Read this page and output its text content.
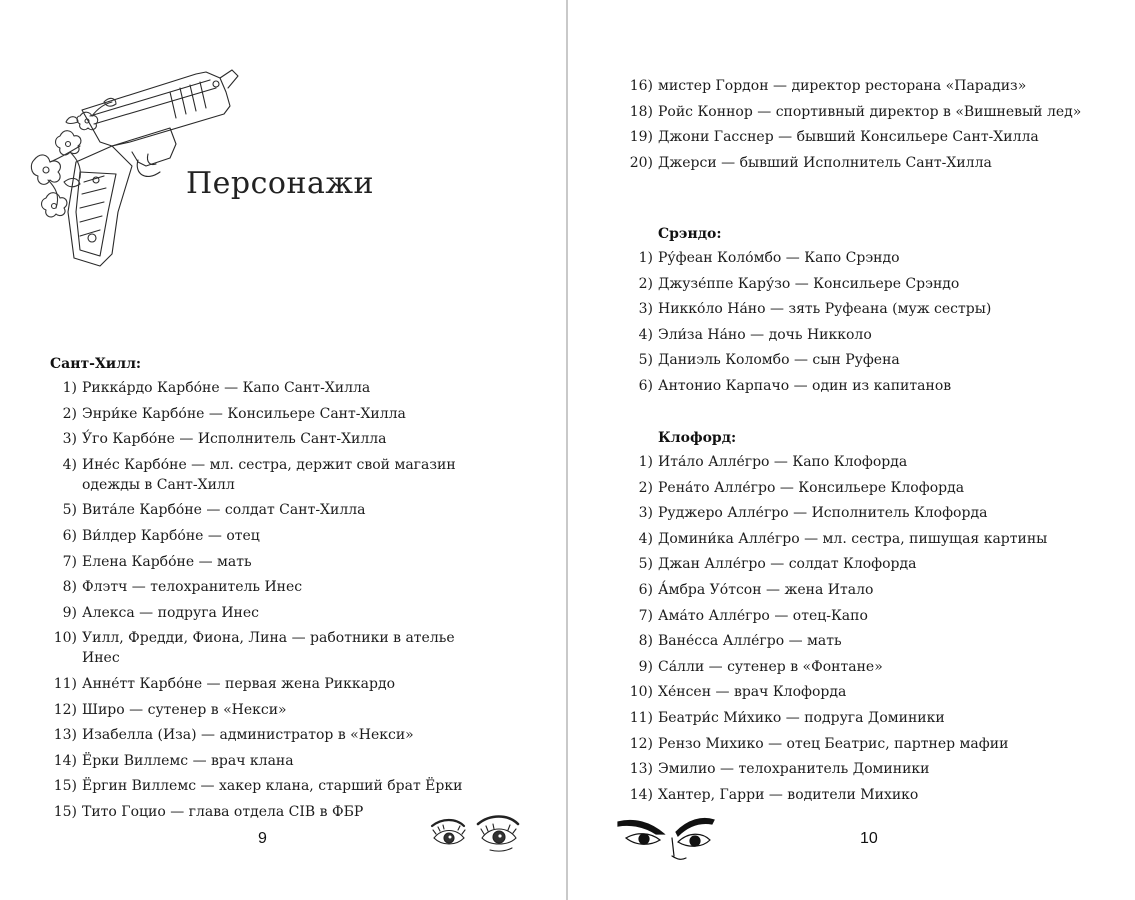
Персонажи
Сант-Хилл:
1) Рикка́рдо Карбо́не — Капо Сант-Хилла
2) Энри́ке Карбо́не — Консильере Сант-Хилла
3) У́го Карбо́не — Исполнитель Сант-Хилла
4) Ине́с Карбо́не — мл. сестра, держит свой магазин одежды в Сант-Хилл
5) Вита́ле Карбо́не — солдат Сант-Хилла
6) Ви́лдер Карбо́не — отец
7) Елена Карбо́не — мать
8) Флэтч — телохранитель Инес
9) Алекса — подруга Инес
10) Уилл, Фредди, Фиона, Лина — работники в ателье Инес
11) Анне́тт Карбо́не — первая жена Риккардо
12) Широ — сутенер в «Некси»
13) Изабелла (Иза) — администратор в «Некси»
14) Ёрки Виллемс — врач клана
15) Ёргин Виллемс — хакер клана, старший брат Ёрки
15) Тито Гоцио — глава отдела CIB в ФБР
9
16) мистер Гордон — директор ресторана «Парадиз»
18) Ройс Коннор — спортивный директор в «Вишневый лед»
19) Джони Гасснер — бывший Консильере Сант-Хилла
20) Джерси — бывший Исполнитель Сант-Хилла
Срэндо:
1) Ру́феан Коло́мбо — Капо Срэндо
2) Джузе́ппе Кару́зо — Консильере Срэндо
3) Никко́ло На́но — зять Руфеана (муж сестры)
4) Эли́за На́но — дочь Никколо
5) Даниэль Коломбо — сын Руфена
6) Антонио Карпачо — один из капитанов
Клофорд:
1) Ита́ло Алле́гро — Капо Клофорда
2) Рена́то Алле́гро — Консильере Клофорда
3) Руджеро Алле́гро — Исполнитель Клофорда
4) Домини́ка Алле́гро — мл. сестра, пишущая картины
5) Джан Алле́гро — солдат Клофорда
6) А́мбра Уо́тсон — жена Итало
7) Ама́то Алле́гро — отец-Капо
8) Ване́сса Алле́гро — мать
9) Са́лли — сутенер в «Фонтане»
10) Хе́нсен — врач Клофорда
11) Беатри́с Ми́хико — подруга Доминики
12) Рензо Михико — отец Беатрис, партнер мафии
13) Эмилио — телохранитель Доминики
14) Хантер, Гарри — водители Михико
10
